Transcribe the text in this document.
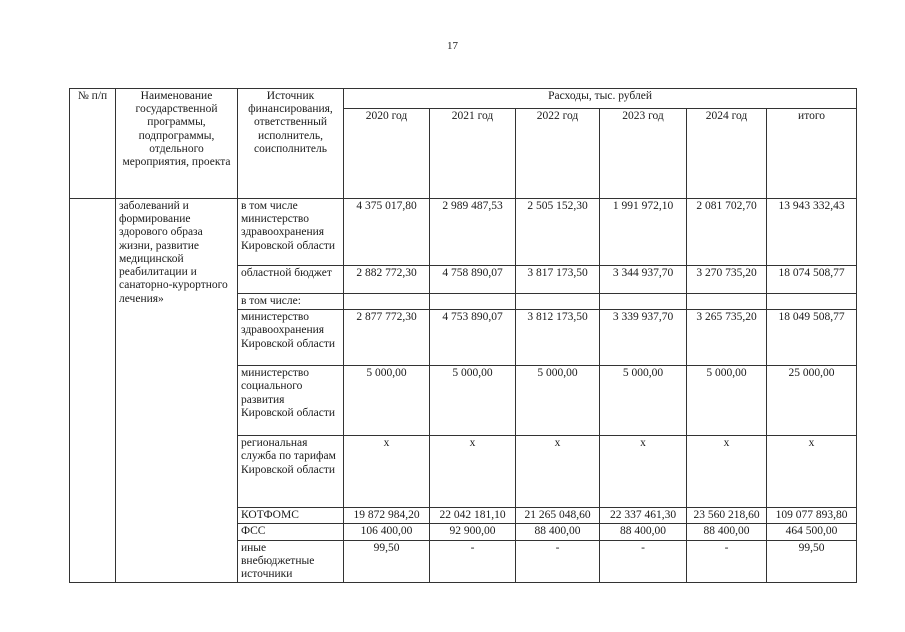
17
№ п/п	Наименование государственной программы, подпрограммы, отдельного мероприятия, проекта	Источник финансирования, ответственный исполнитель, соисполнитель	Расходы, тыс. рублей					
			2020 год	2021 год	2022 год	2023 год	2024 год	итого
	заболеваний и формирование здорового образа жизни, развитие медицинской реабилитации и санаторно-курортного лечения»	в том числе министерство здравоохранения Кировской области	4 375 017,80	2 989 487,53	2 505 152,30	1 991 972,10	2 081 702,70	13 943 332,43
		областной бюджет	2 882 772,30	4 758 890,07	3 817 173,50	3 344 937,70	3 270 735,20	18 074 508,77
		в том числе:						
		министерство здравоохранения Кировской области	2 877 772,30	4 753 890,07	3 812 173,50	3 339 937,70	3 265 735,20	18 049 508,77
		министерство социального развития Кировской области	5 000,00	5 000,00	5 000,00	5 000,00	5 000,00	25 000,00
		региональная служба по тарифам Кировской области	х	х	х	х	х	х
		КОТФОМС	19 872 984,20	22 042 181,10	21 265 048,60	22 337 461,30	23 560 218,60	109 077 893,80
		ФСС	106 400,00	92 900,00	88 400,00	88 400,00	88 400,00	464 500,00
		иные внебюджетные источники	99,50	-	-	-	-	99,50
